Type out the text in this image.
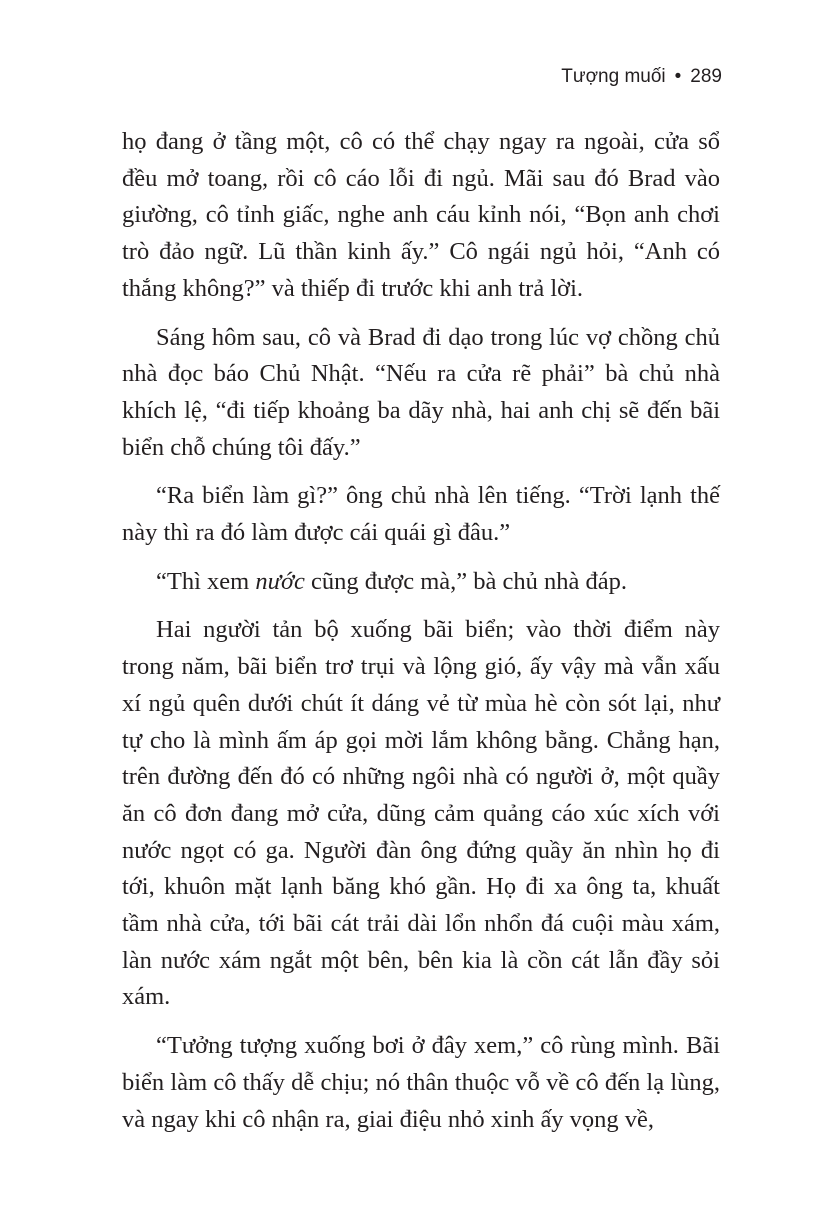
Tượng muối • 289

họ đang ở tầng một, cô có thể chạy ngay ra ngoài, cửa sổ đều mở toang, rồi cô cáo lỗi đi ngủ. Mãi sau đó Brad vào giường, cô tỉnh giấc, nghe anh cáu kỉnh nói, “Bọn anh chơi trò đảo ngữ. Lũ thần kinh ấy.” Cô ngái ngủ hỏi, “Anh có thắng không?” và thiếp đi trước khi anh trả lời.

Sáng hôm sau, cô và Brad đi dạo trong lúc vợ chồng chủ nhà đọc báo Chủ Nhật. “Nếu ra cửa rẽ phải” bà chủ nhà khích lệ, “đi tiếp khoảng ba dãy nhà, hai anh chị sẽ đến bãi biển chỗ chúng tôi đấy.”

“Ra biển làm gì?” ông chủ nhà lên tiếng. “Trời lạnh thế này thì ra đó làm được cái quái gì đâu.”

“Thì xem nước cũng được mà,” bà chủ nhà đáp.

Hai người tản bộ xuống bãi biển; vào thời điểm này trong năm, bãi biển trơ trụi và lộng gió, ấy vậy mà vẫn xấu xí ngủ quên dưới chút ít dáng vẻ từ mùa hè còn sót lại, như tự cho là mình ấm áp gọi mời lắm không bằng. Chẳng hạn, trên đường đến đó có những ngôi nhà có người ở, một quầy ăn cô đơn đang mở cửa, dũng cảm quảng cáo xúc xích với nước ngọt có ga. Người đàn ông đứng quầy ăn nhìn họ đi tới, khuôn mặt lạnh băng khó gần. Họ đi xa ông ta, khuất tầm nhà cửa, tới bãi cát trải dài lổn nhổn đá cuội màu xám, làn nước xám ngắt một bên, bên kia là cồn cát lẫn đầy sỏi xám.

“Tưởng tượng xuống bơi ở đây xem,” cô rùng mình. Bãi biển làm cô thấy dễ chịu; nó thân thuộc vỗ về cô đến lạ lùng, và ngay khi cô nhận ra, giai điệu nhỏ xinh ấy vọng về,
